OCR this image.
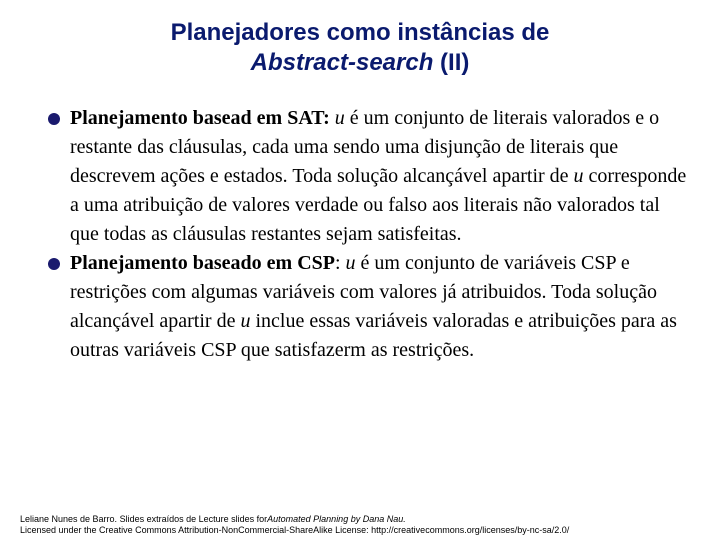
Planejadores como instâncias de
Abstract-search (II)
Planejamento basead em SAT: u é um conjunto de literais valorados e o restante das cláusulas, cada uma sendo uma disjunção de literais que descrevem ações e estados. Toda solução alcançável apartir de u corresponde a uma atribuição de valores verdade ou falso aos literais não valorados tal que todas as cláusulas restantes sejam satisfeitas.
Planejamento baseado em CSP: u é um conjunto de variáveis CSP e restrições com algumas variáveis com valores já atribuidos. Toda solução alcançável apartir de u inclue essas variáveis valoradas e atribuições para as outras variáveis CSP que satisfazerm as restrições.
Leliane Nunes de Barro. Slides extraídos de Lecture slides forAutomated Planning by Dana Nau.
Licensed under the Creative Commons Attribution-NonCommercial-ShareAlike License: http://creativecommons.org/licenses/by-nc-sa/2.0/
